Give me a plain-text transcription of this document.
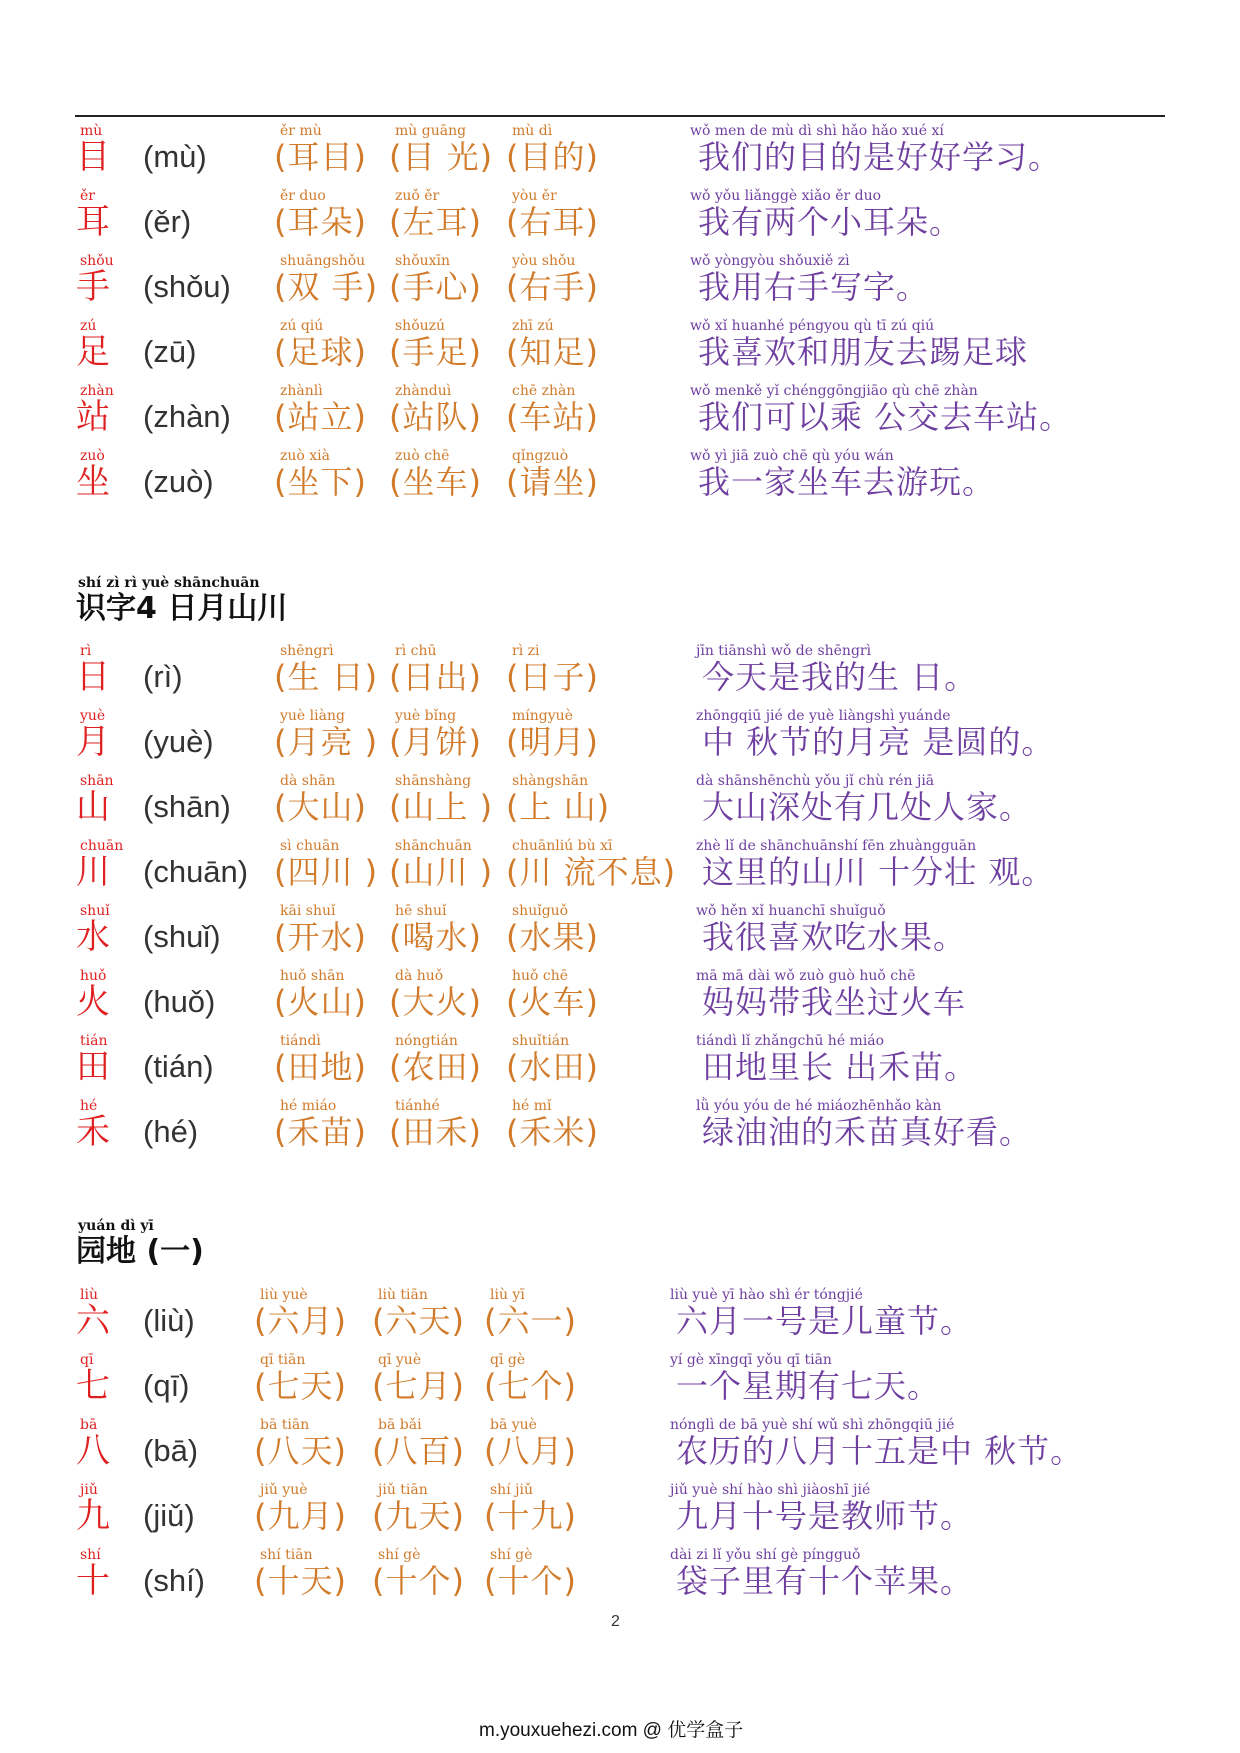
mù
目 (mù)
ěr mù
(耳目)
mù guāng
(目 光)
mù dì
(目的)
wǒ men de mù dì shì hǎo hǎo xué xí
我们的目的是好好学习。
ěr
耳 (ěr)
ěr duo
(耳朵)
zuǒ ěr
(左耳)
yòu ěr
(右耳)
wǒ yǒu liǎnggè xiǎo ěr duo
我有两个小耳朵。
shǒu
手 (shǒu)
shuāngshǒu
(双 手)
shǒuxīn
(手心)
yòu shǒu
(右手)
wǒ yòngyòu shǒuxiě zì
我用右手写字。
zú
足 (zū)
zú qiú
(足球)
shǒuzú
(手足)
zhī zú
(知足)
wǒ xǐ huanhé péngyou qù tī zú qiú
我喜欢和朋友去踢足球
zhàn
站 (zhàn)
zhànlì
(站立)
zhànduì
(站队)
chē zhàn
(车站)
wǒ menkě yǐ chénggōngjiāo qù chē zhàn
我们可以乘 公交去车站。
zuò
坐 (zuò)
zuò xià
(坐下)
zuò chē
(坐车)
qǐngzuò
(请坐)
wǒ yì jiā zuò chē qù yóu wán
我一家坐车去游玩。
shí zì rì yuè shānchuān
识字4 日月山川
rì
日 (rì)
shēngrì
(生 日)
rì chū
(日出)
rì zi
(日子)
jīn tiānshì wǒ de shēngrì
今天是我的生 日。
yuè
月 (yuè)
yuè liàng
(月亮 )
yuè bǐng
(月饼)
míngyuè
(明月)
zhōngqiū jié de yuè liàngshì yuánde
中 秋节的月亮 是圆的。
shān
山 (shān)
dà shān
(大山)
shānshàng
(山上 )
shàngshān
(上 山)
dà shānshēnchù yǒu jǐ chù rén jiā
大山深处有几处人家。
chuān
川 (chuān)
sì chuān
(四川 )
shānchuān
(山川 )
chuānliú bù xī
(川 流不息)
zhè lǐ de shānchuānshí fēn zhuàngguān
这里的山川 十分壮 观。
shuǐ
水 (shuǐ)
kāi shuǐ
(开水)
hē shuǐ
(喝水)
shuǐguǒ
(水果)
wǒ hěn xǐ huanchī shuǐguǒ
我很喜欢吃水果。
huǒ
火 (huǒ)
huǒ shān
(火山)
dà huǒ
(大火)
huǒ chē
(火车)
mā mā dài wǒ zuò guò huǒ chē
妈妈带我坐过火车
tián
田 (tián)
tiándì
(田地)
nóngtián
(农田)
shuǐtián
(水田)
tiándì lǐ zhǎngchū hé miáo
田地里长 出禾苗。
hé
禾 (hé)
hé miáo
(禾苗)
tiánhé
(田禾)
hé mǐ
(禾米)
lǜ yóu yóu de hé miáozhēnhǎo kàn
绿油油的禾苗真好看。
yuán dì yī
园地 (一)
liù
六 (liù)
liù yuè
(六月)
liù tiān
(六天)
liù yī
(六一)
liù yuè yī hào shì ér tóngjié
六月一号是儿童节。
qī
七 (qī)
qī tiān
(七天)
qī yuè
(七月)
qī gè
(七个)
yí gè xīngqī yǒu qī tiān
一个星期有七天。
bā
八 (bā)
bā tiān
(八天)
bā bǎi
(八百)
bā yuè
(八月)
nónglì de bā yuè shí wǔ shì zhōngqiū jié
农历的八月十五是中 秋节。
jiǔ
九 (jiǔ)
jiǔ yuè
(九月)
jiǔ tiān
(九天)
shí jiǔ
(十九)
jiǔ yuè shí hào shì jiàoshī jié
九月十号是教师节。
shí
十 (shí)
shí tiān
(十天)
shí gè
(十个)
shí gè
(十个)
dài zi lǐ yǒu shí gè píngguǒ
袋子里有十个苹果。
2
m.youxuehezi.com @ 优学盒子
